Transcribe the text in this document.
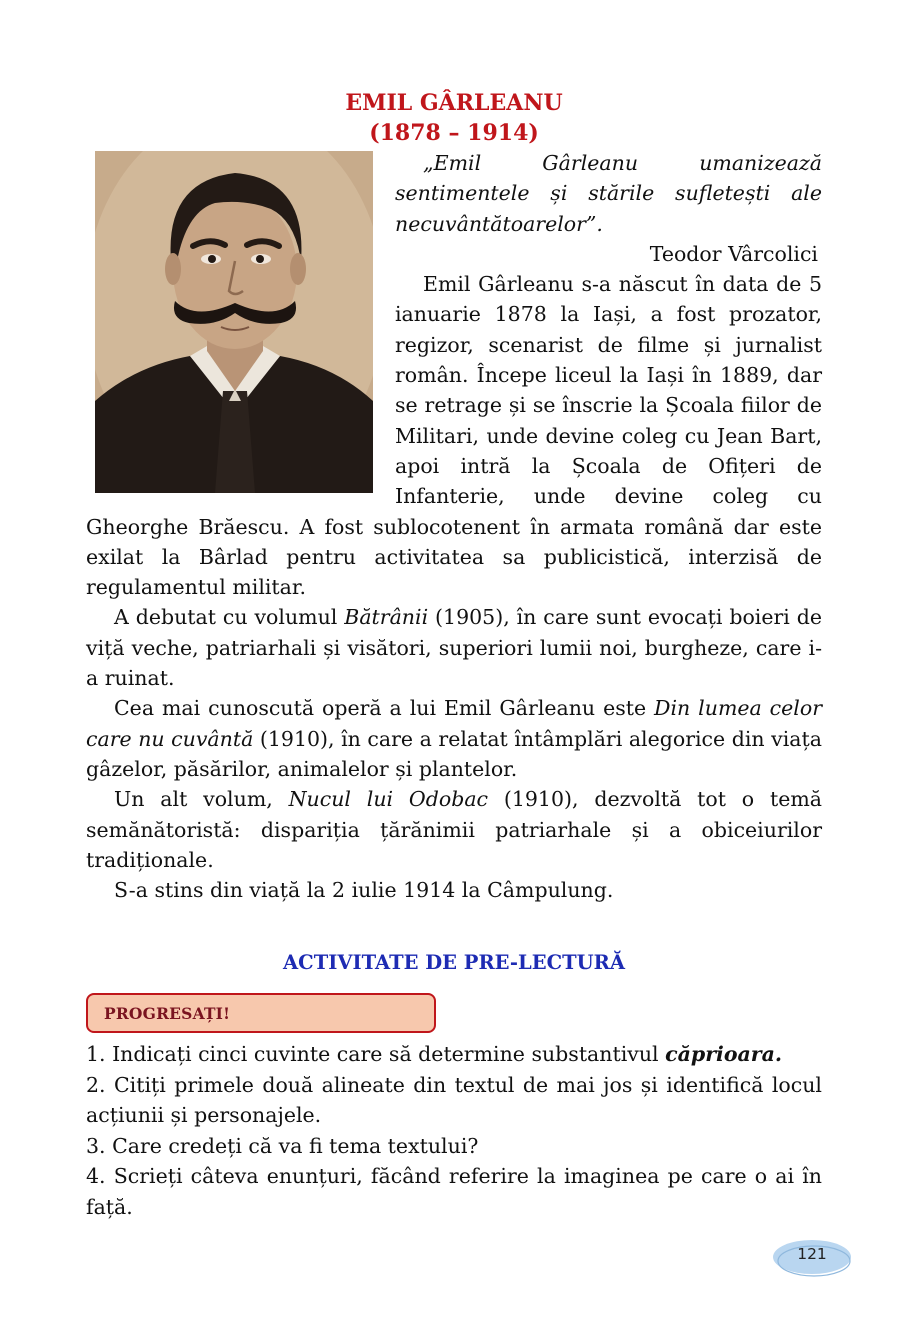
EMIL GÂRLEANU
(1878 – 1914)

„Emil Gârleanu umanizează sentimentele și stările sufletești ale necuvântătoarelor”.

Teodor Vârcolici

Emil Gârleanu s-a născut în data de 5 ianuarie 1878 la Iași, a fost prozator, regizor, scenarist de filme și jurnalist român. Începe liceul la Iași în 1889, dar se retrage și se înscrie la Școala fiilor de Militari, unde devine coleg cu Jean Bart, apoi intră la Școala de Ofițeri de Infanterie, unde devine coleg cu Gheorghe Brăescu. A fost sublocotenent în armata română dar este exilat la Bârlad pentru activitatea sa publicistică, interzisă de regulamentul militar.

A debutat cu volumul Bătrânii (1905), în care sunt evocați boieri de viță veche, patriarhali și visători, superiori lumii noi, burgheze, care i-a ruinat.

Cea mai cunoscută operă a lui Emil Gârleanu este Din lumea celor care nu cuvântă (1910), în care a relatat întâmplări alegorice din viața gâzelor, păsărilor, animalelor și plantelor.

Un alt volum, Nucul lui Odobac (1910), dezvoltă tot o temă semănătoristă: dispariția țărănimii patriarhale și a obiceiurilor tradiționale.

S-a stins din viață la 2 iulie 1914 la Câmpulung.

ACTIVITATE DE PRE-LECTURĂ
PROGRESAȚI!

1. Indicați cinci cuvinte care să determine substantivul căprioara.

2. Citiți primele două alineate din textul de mai jos și identifică locul acțiunii și personajele.

3. Care credeți că va fi tema textului?

4. Scrieți câteva enunțuri, făcând referire la imaginea pe care o ai în față.

121
